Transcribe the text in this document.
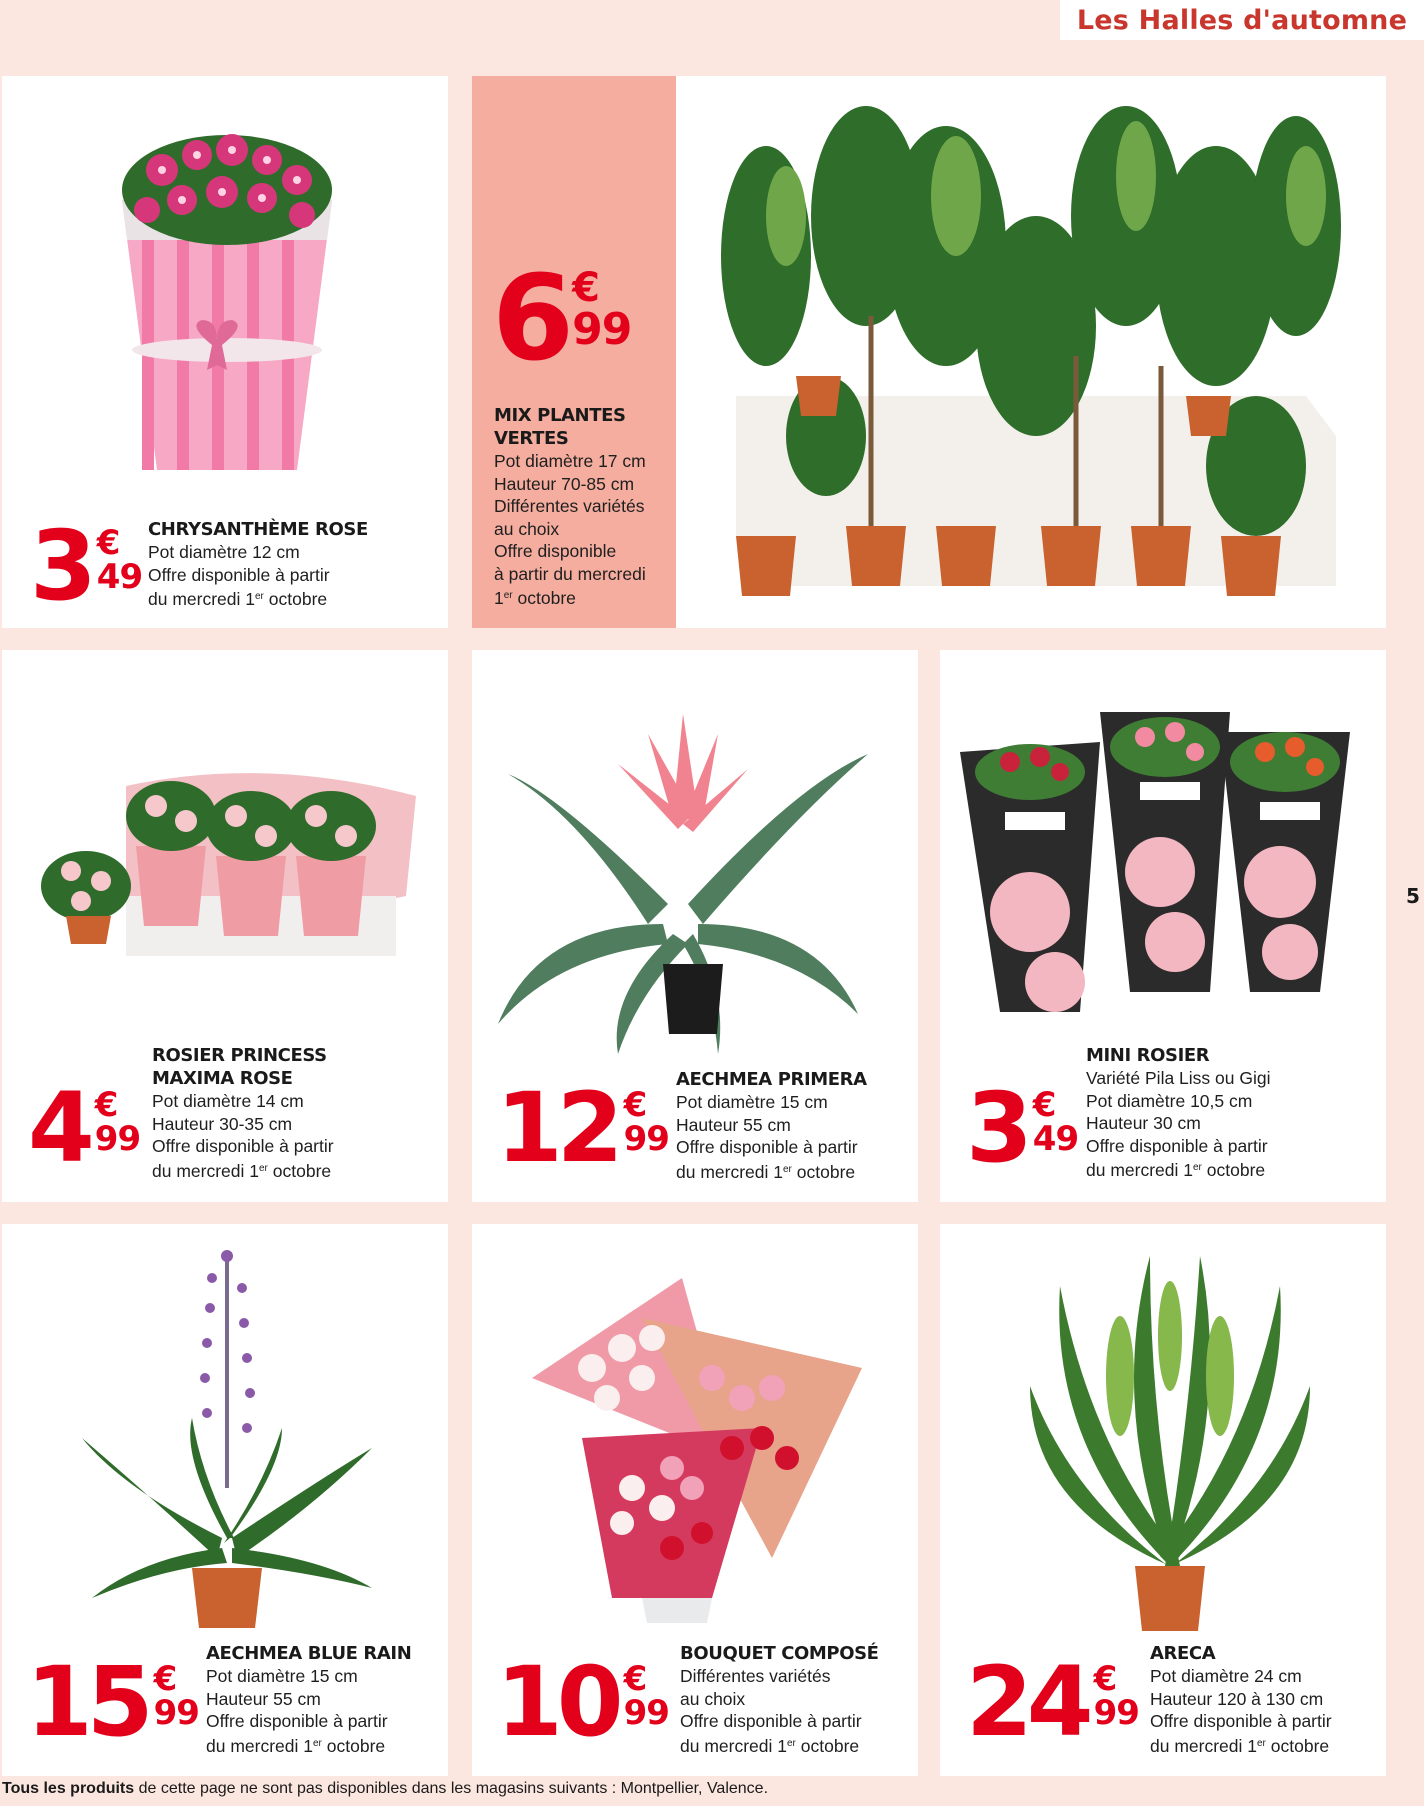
Les Halles d'automne
5
3 €
49
CHRYSANTHÈME ROSE
Pot diamètre 12 cm
Offre disponible à partir
du mercredi 1er octobre
6 €
99
MIX PLANTES
VERTES
Pot diamètre 17 cm
Hauteur 70-85 cm
Différentes variétés
au choix
Offre disponible
à partir du mercredi
1er octobre
4 €
99
ROSIER PRINCESS
MAXIMA ROSE
Pot diamètre 14 cm
Hauteur 30-35 cm
Offre disponible à partir
du mercredi 1er octobre 12 €
99
AECHMEA PRIMERA
Pot diamètre 15 cm
Hauteur 55 cm
Offre disponible à partir
du mercredi 1er octobre 3 €
49
MINI ROSIER
Variété Pila Liss ou Gigi
Pot diamètre 10,5 cm
Hauteur 30 cm
Offre disponible à partir
du mercredi 1er octobre
15 €
99
AECHMEA BLUE RAIN
Pot diamètre 15 cm
Hauteur 55 cm
Offre disponible à partir
du mercredi 1er octobre 10 €
99
BOUQUET COMPOSÉ
Différentes variétés
au choix
Offre disponible à partir
du mercredi 1er octobre 24 €
99
ARECA
Pot diamètre 24 cm
Hauteur 120 à 130 cm
Offre disponible à partir
du mercredi 1er octobre
Tous les produits de cette page ne sont pas disponibles dans les magasins suivants : Montpellier, Valence.
